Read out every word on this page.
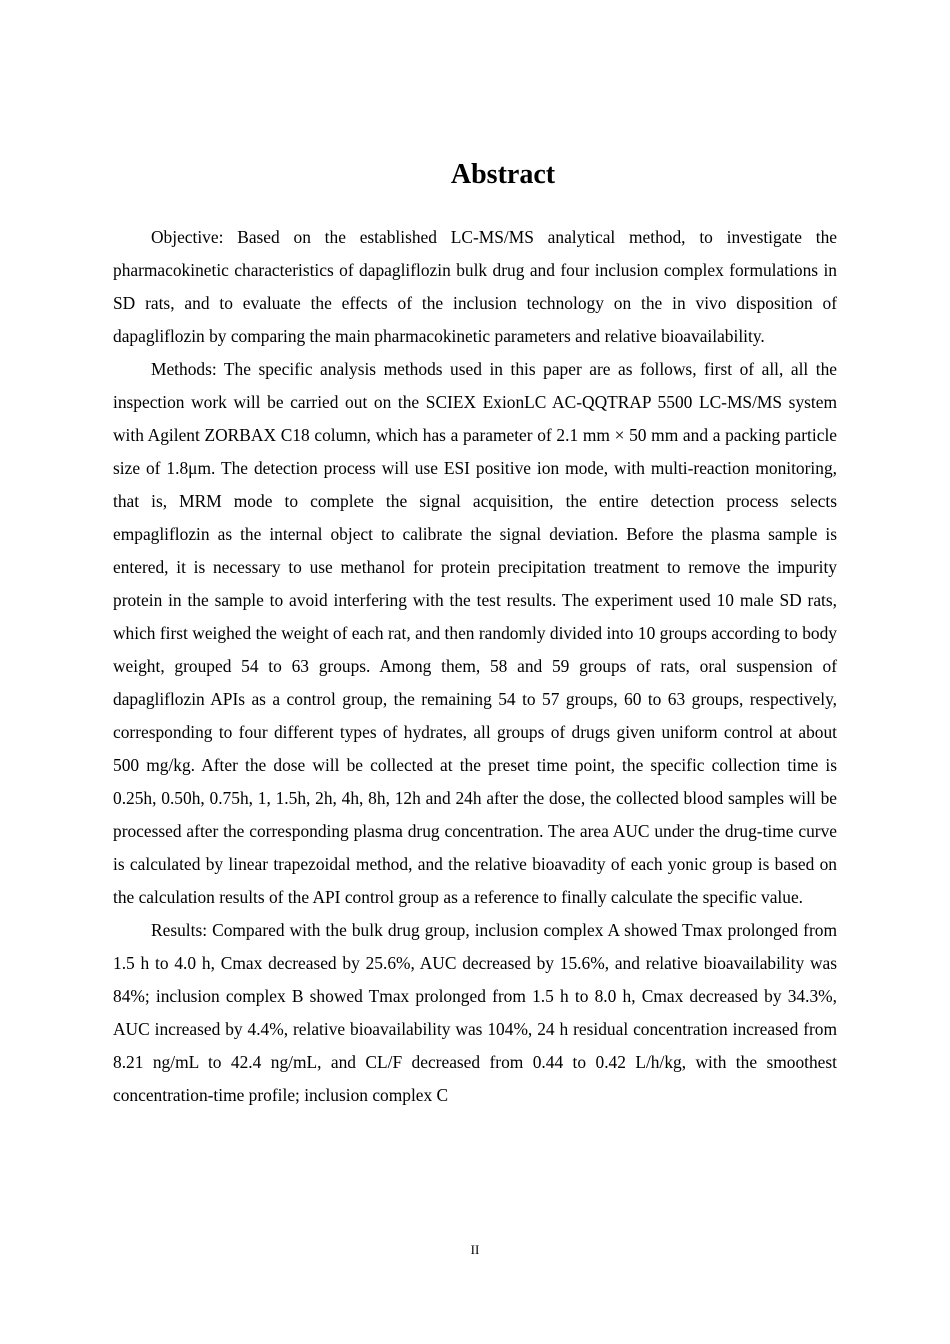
Abstract

Objective: Based on the established LC-MS/MS analytical method, to investigate the pharmacokinetic characteristics of dapagliflozin bulk drug and four inclusion complex formulations in SD rats, and to evaluate the effects of the inclusion technology on the in vivo disposition of dapagliflozin by comparing the main pharmacokinetic parameters and relative bioavailability.

Methods: The specific analysis methods used in this paper are as follows, first of all, all the inspection work will be carried out on the SCIEX ExionLC AC-QQTRAP 5500 LC-MS/MS system with Agilent ZORBAX C18 column, which has a parameter of 2.1 mm × 50 mm and a packing particle size of 1.8μm. The detection process will use ESI positive ion mode, with multi-reaction monitoring, that is, MRM mode to complete the signal acquisition, the entire detection process selects empagliflozin as the internal object to calibrate the signal deviation. Before the plasma sample is entered, it is necessary to use methanol for protein precipitation treatment to remove the impurity protein in the sample to avoid interfering with the test results. The experiment used 10 male SD rats, which first weighed the weight of each rat, and then randomly divided into 10 groups according to body weight, grouped 54 to 63 groups. Among them, 58 and 59 groups of rats, oral suspension of dapagliflozin APIs as a control group, the remaining 54 to 57 groups, 60 to 63 groups, respectively, corresponding to four different types of hydrates, all groups of drugs given uniform control at about 500 mg/kg. After the dose will be collected at the preset time point, the specific collection time is 0.25h, 0.50h, 0.75h, 1, 1.5h, 2h, 4h, 8h, 12h and 24h after the dose, the collected blood samples will be processed after the corresponding plasma drug concentration. The area AUC under the drug-time curve is calculated by linear trapezoidal method, and the relative bioavadity of each yonic group is based on the calculation results of the API control group as a reference to finally calculate the specific value.

Results: Compared with the bulk drug group, inclusion complex A showed Tmax prolonged from 1.5 h to 4.0 h, Cmax decreased by 25.6%, AUC decreased by 15.6%, and relative bioavailability was 84%; inclusion complex B showed Tmax prolonged from 1.5 h to 8.0 h, Cmax decreased by 34.3%, AUC increased by 4.4%, relative bioavailability was 104%, 24 h residual concentration increased from 8.21 ng/mL to 42.4 ng/mL, and CL/F decreased from 0.44 to 0.42 L/h/kg, with the smoothest concentration-time profile; inclusion complex C

II
